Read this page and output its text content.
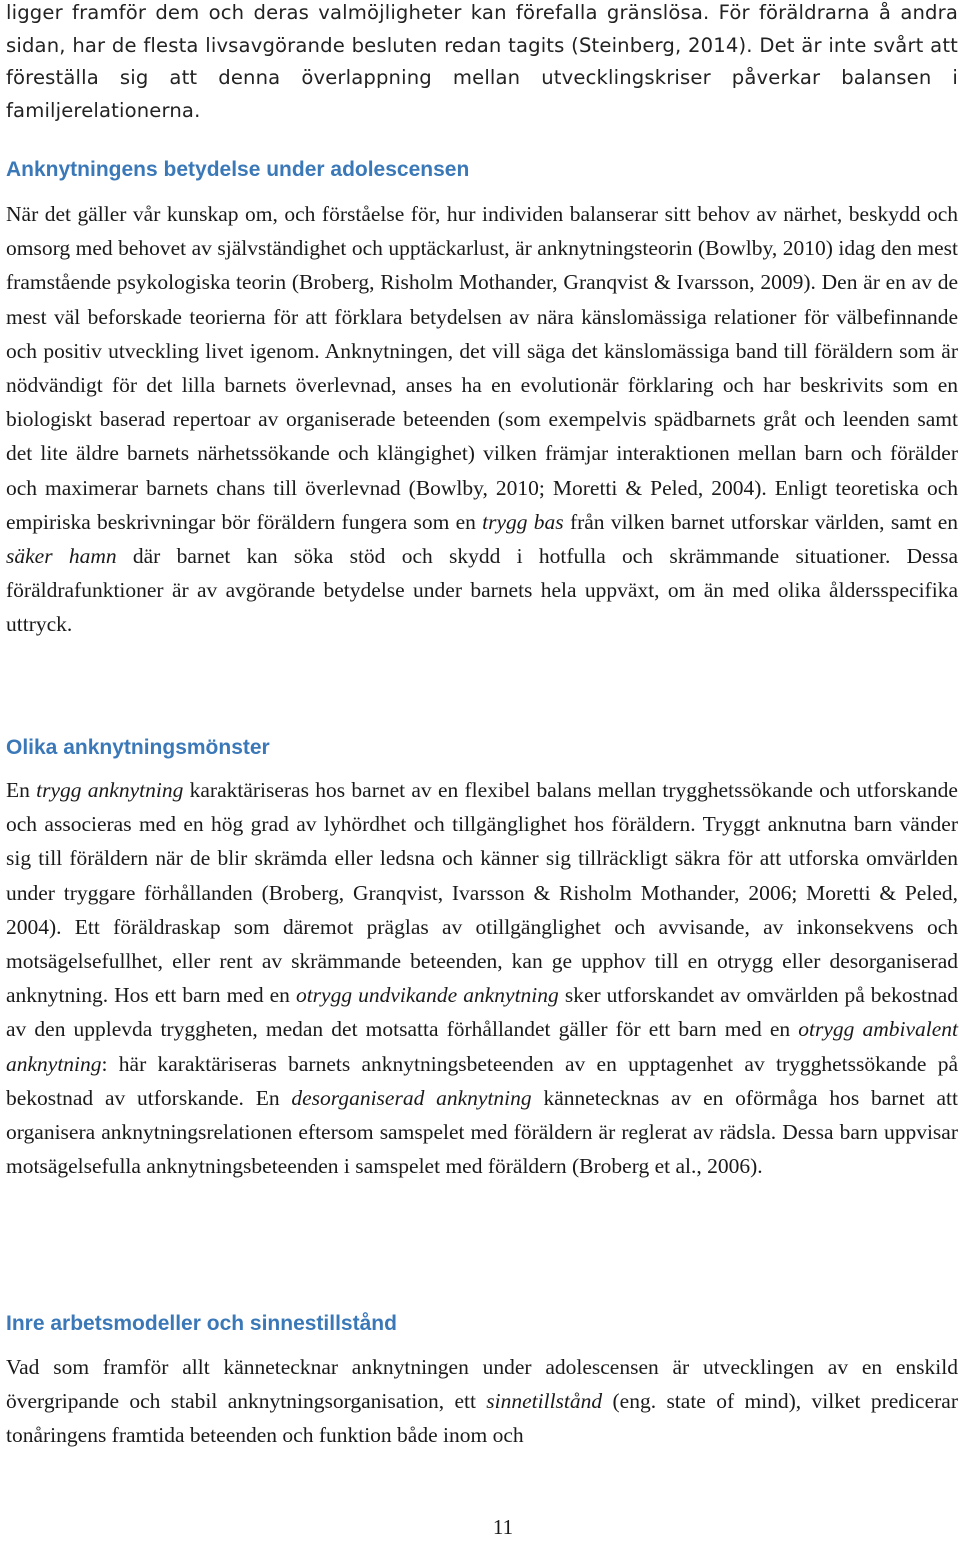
ligger framför dem och deras valmöjligheter kan förefalla gränslösa. För föräldrarna å andra sidan, har de flesta livsavgörande besluten redan tagits (Steinberg, 2014). Det är inte svårt att föreställa sig att denna överlappning mellan utvecklingskriser påverkar balansen i familjerelationerna.

Anknytningens betydelse under adolescensen

När det gäller vår kunskap om, och förståelse för, hur individen balanserar sitt behov av närhet, beskydd och omsorg med behovet av självständighet och upptäckarlust, är anknytningsteorin (Bowlby, 2010) idag den mest framstående psykologiska teorin (Broberg, Risholm Mothander, Granqvist & Ivarsson, 2009). Den är en av de mest väl beforskade teorierna för att förklara betydelsen av nära känslomässiga relationer för välbefinnande och positiv utveckling livet igenom. Anknytningen, det vill säga det känslomässiga band till föräldern som är nödvändigt för det lilla barnets överlevnad, anses ha en evolutionär förklaring och har beskrivits som en biologiskt baserad repertoar av organiserade beteenden (som exempelvis spädbarnets gråt och leenden samt det lite äldre barnets närhetssökande och klängighet) vilken främjar interaktionen mellan barn och förälder och maximerar barnets chans till överlevnad (Bowlby, 2010; Moretti & Peled, 2004). Enligt teoretiska och empiriska beskrivningar bör föräldern fungera som en trygg bas från vilken barnet utforskar världen, samt en säker hamn där barnet kan söka stöd och skydd i hotfulla och skrämmande situationer. Dessa föräldrafunktioner är av avgörande betydelse under barnets hela uppväxt, om än med olika åldersspecifika uttryck.

Olika anknytningsmönster

En trygg anknytning karaktäriseras hos barnet av en flexibel balans mellan trygghetssökande och utforskande och associeras med en hög grad av lyhördhet och tillgänglighet hos föräldern. Tryggt anknutna barn vänder sig till föräldern när de blir skrämda eller ledsna och känner sig tillräckligt säkra för att utforska omvärlden under tryggare förhållanden (Broberg, Granqvist, Ivarsson & Risholm Mothander, 2006; Moretti & Peled, 2004). Ett föräldraskap som däremot präglas av otillgänglighet och avvisande, av inkonsekvens och motsägelsefullhet, eller rent av skrämmande beteenden, kan ge upphov till en otrygg eller desorganiserad anknytning. Hos ett barn med en otrygg undvikande anknytning sker utforskandet av omvärlden på bekostnad av den upplevda tryggheten, medan det motsatta förhållandet gäller för ett barn med en otrygg ambivalent anknytning: här karaktäriseras barnets anknytningsbeteenden av en upptagenhet av trygghetssökande på bekostnad av utforskande. En desorganiserad anknytning kännetecknas av en oförmåga hos barnet att organisera anknytningsrelationen eftersom samspelet med föräldern är reglerat av rädsla. Dessa barn uppvisar motsägelsefulla anknytningsbeteenden i samspelet med föräldern (Broberg et al., 2006).

Inre arbetsmodeller och sinnestillstånd

Vad som framför allt kännetecknar anknytningen under adolescensen är utvecklingen av en enskild övergripande och stabil anknytningsorganisation, ett sinnetillstånd (eng. state of mind), vilket predicerar tonåringens framtida beteenden och funktion både inom och

11
